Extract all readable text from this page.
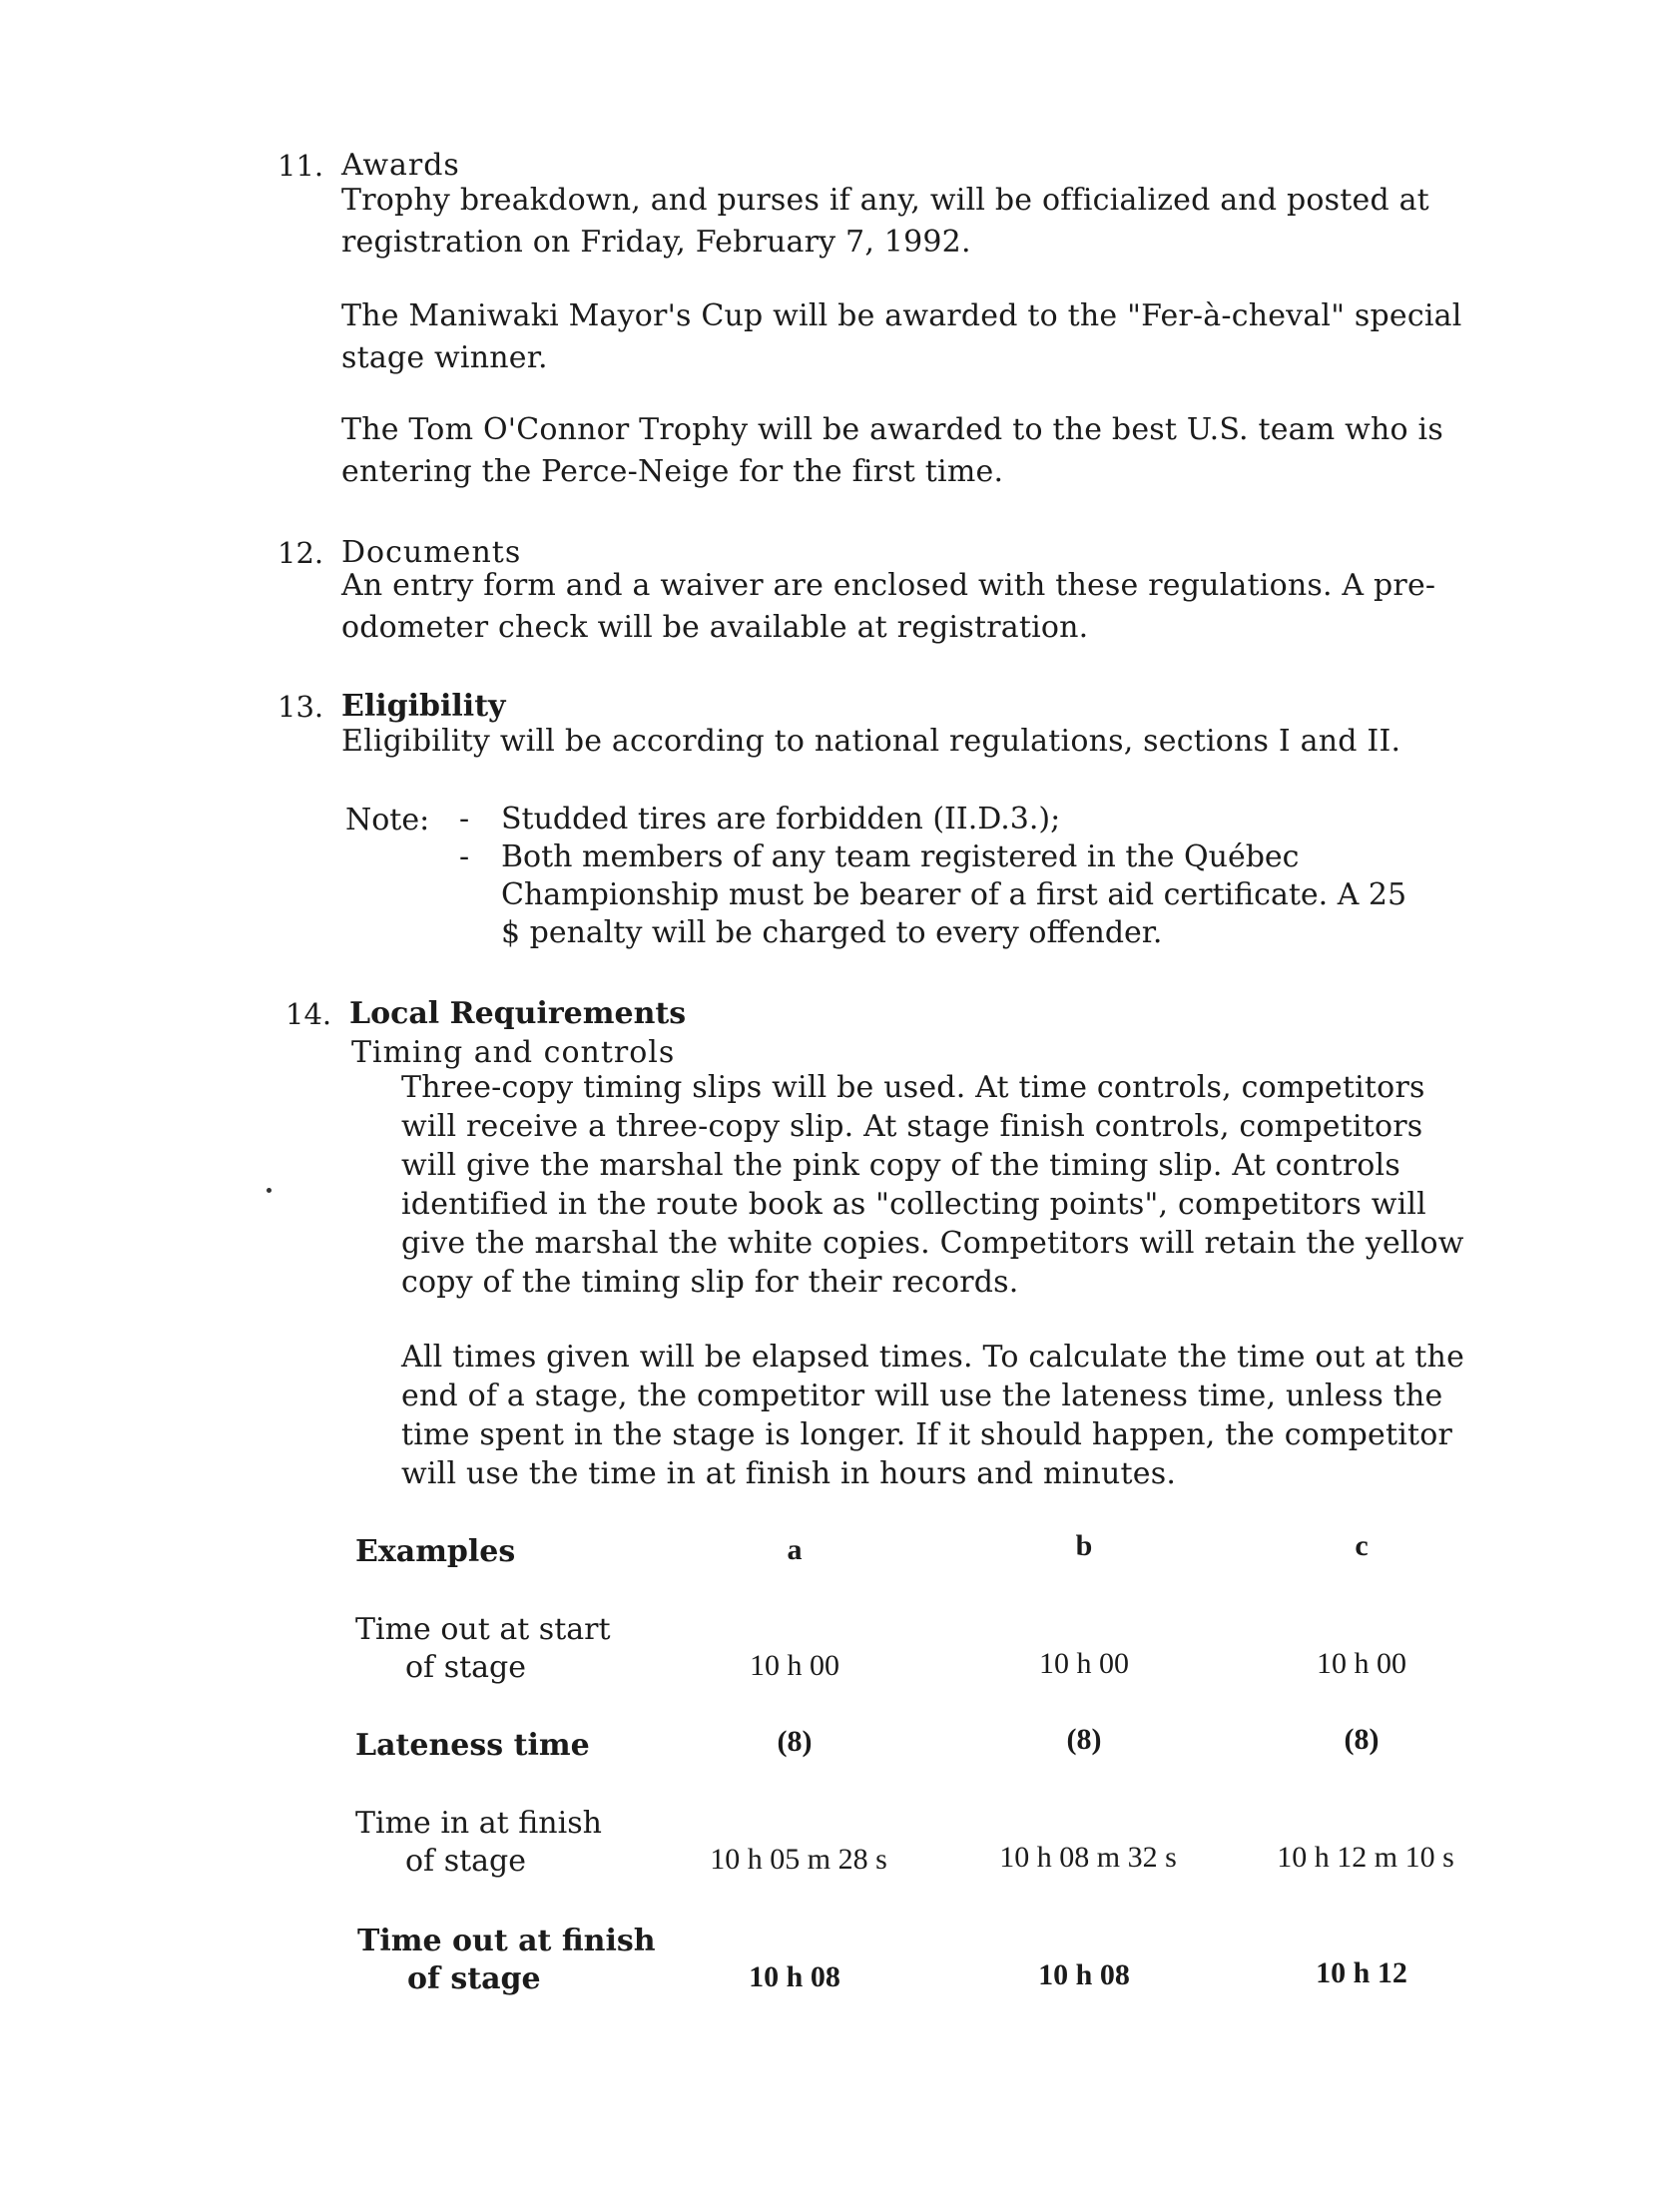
11. Awards
Trophy breakdown, and purses if any, will be officialized and posted at registration on Friday, February 7, 1992.
The Maniwaki Mayor's Cup will be awarded to the "Fer-à-cheval" special stage winner.
The Tom O'Connor Trophy will be awarded to the best U.S. team who is entering the Perce-Neige for the first time.
12. Documents
An entry form and a waiver are enclosed with these regulations. A pre-odometer check will be available at registration.
13. Eligibility
Eligibility will be according to national regulations, sections I and II.
Note: - Studded tires are forbidden (II.D.3.);
- Both members of any team registered in the Québec Championship must be bearer of a first aid certificate. A 25 $ penalty will be charged to every offender.
14. Local Requirements
Timing and controls
Three-copy timing slips will be used. At time controls, competitors will receive a three-copy slip. At stage finish controls, competitors will give the marshal the pink copy of the timing slip. At controls identified in the route book as "collecting points", competitors will give the marshal the white copies. Competitors will retain the yellow copy of the timing slip for their records.
All times given will be elapsed times. To calculate the time out at the end of a stage, the competitor will use the lateness time, unless the time spent in the stage is longer. If it should happen, the competitor will use the time in at finish in hours and minutes.
Examples	a	b	c
Time out at start
of stage	10 h 00	10 h 00	10 h 00
Lateness time	(8)	(8)	(8)
Time in at finish
of stage	10 h 05 m 28 s	10 h 08 m 32 s	10 h 12 m 10 s
Time out at finish
of stage	10 h 08	10 h 08	10 h 12
